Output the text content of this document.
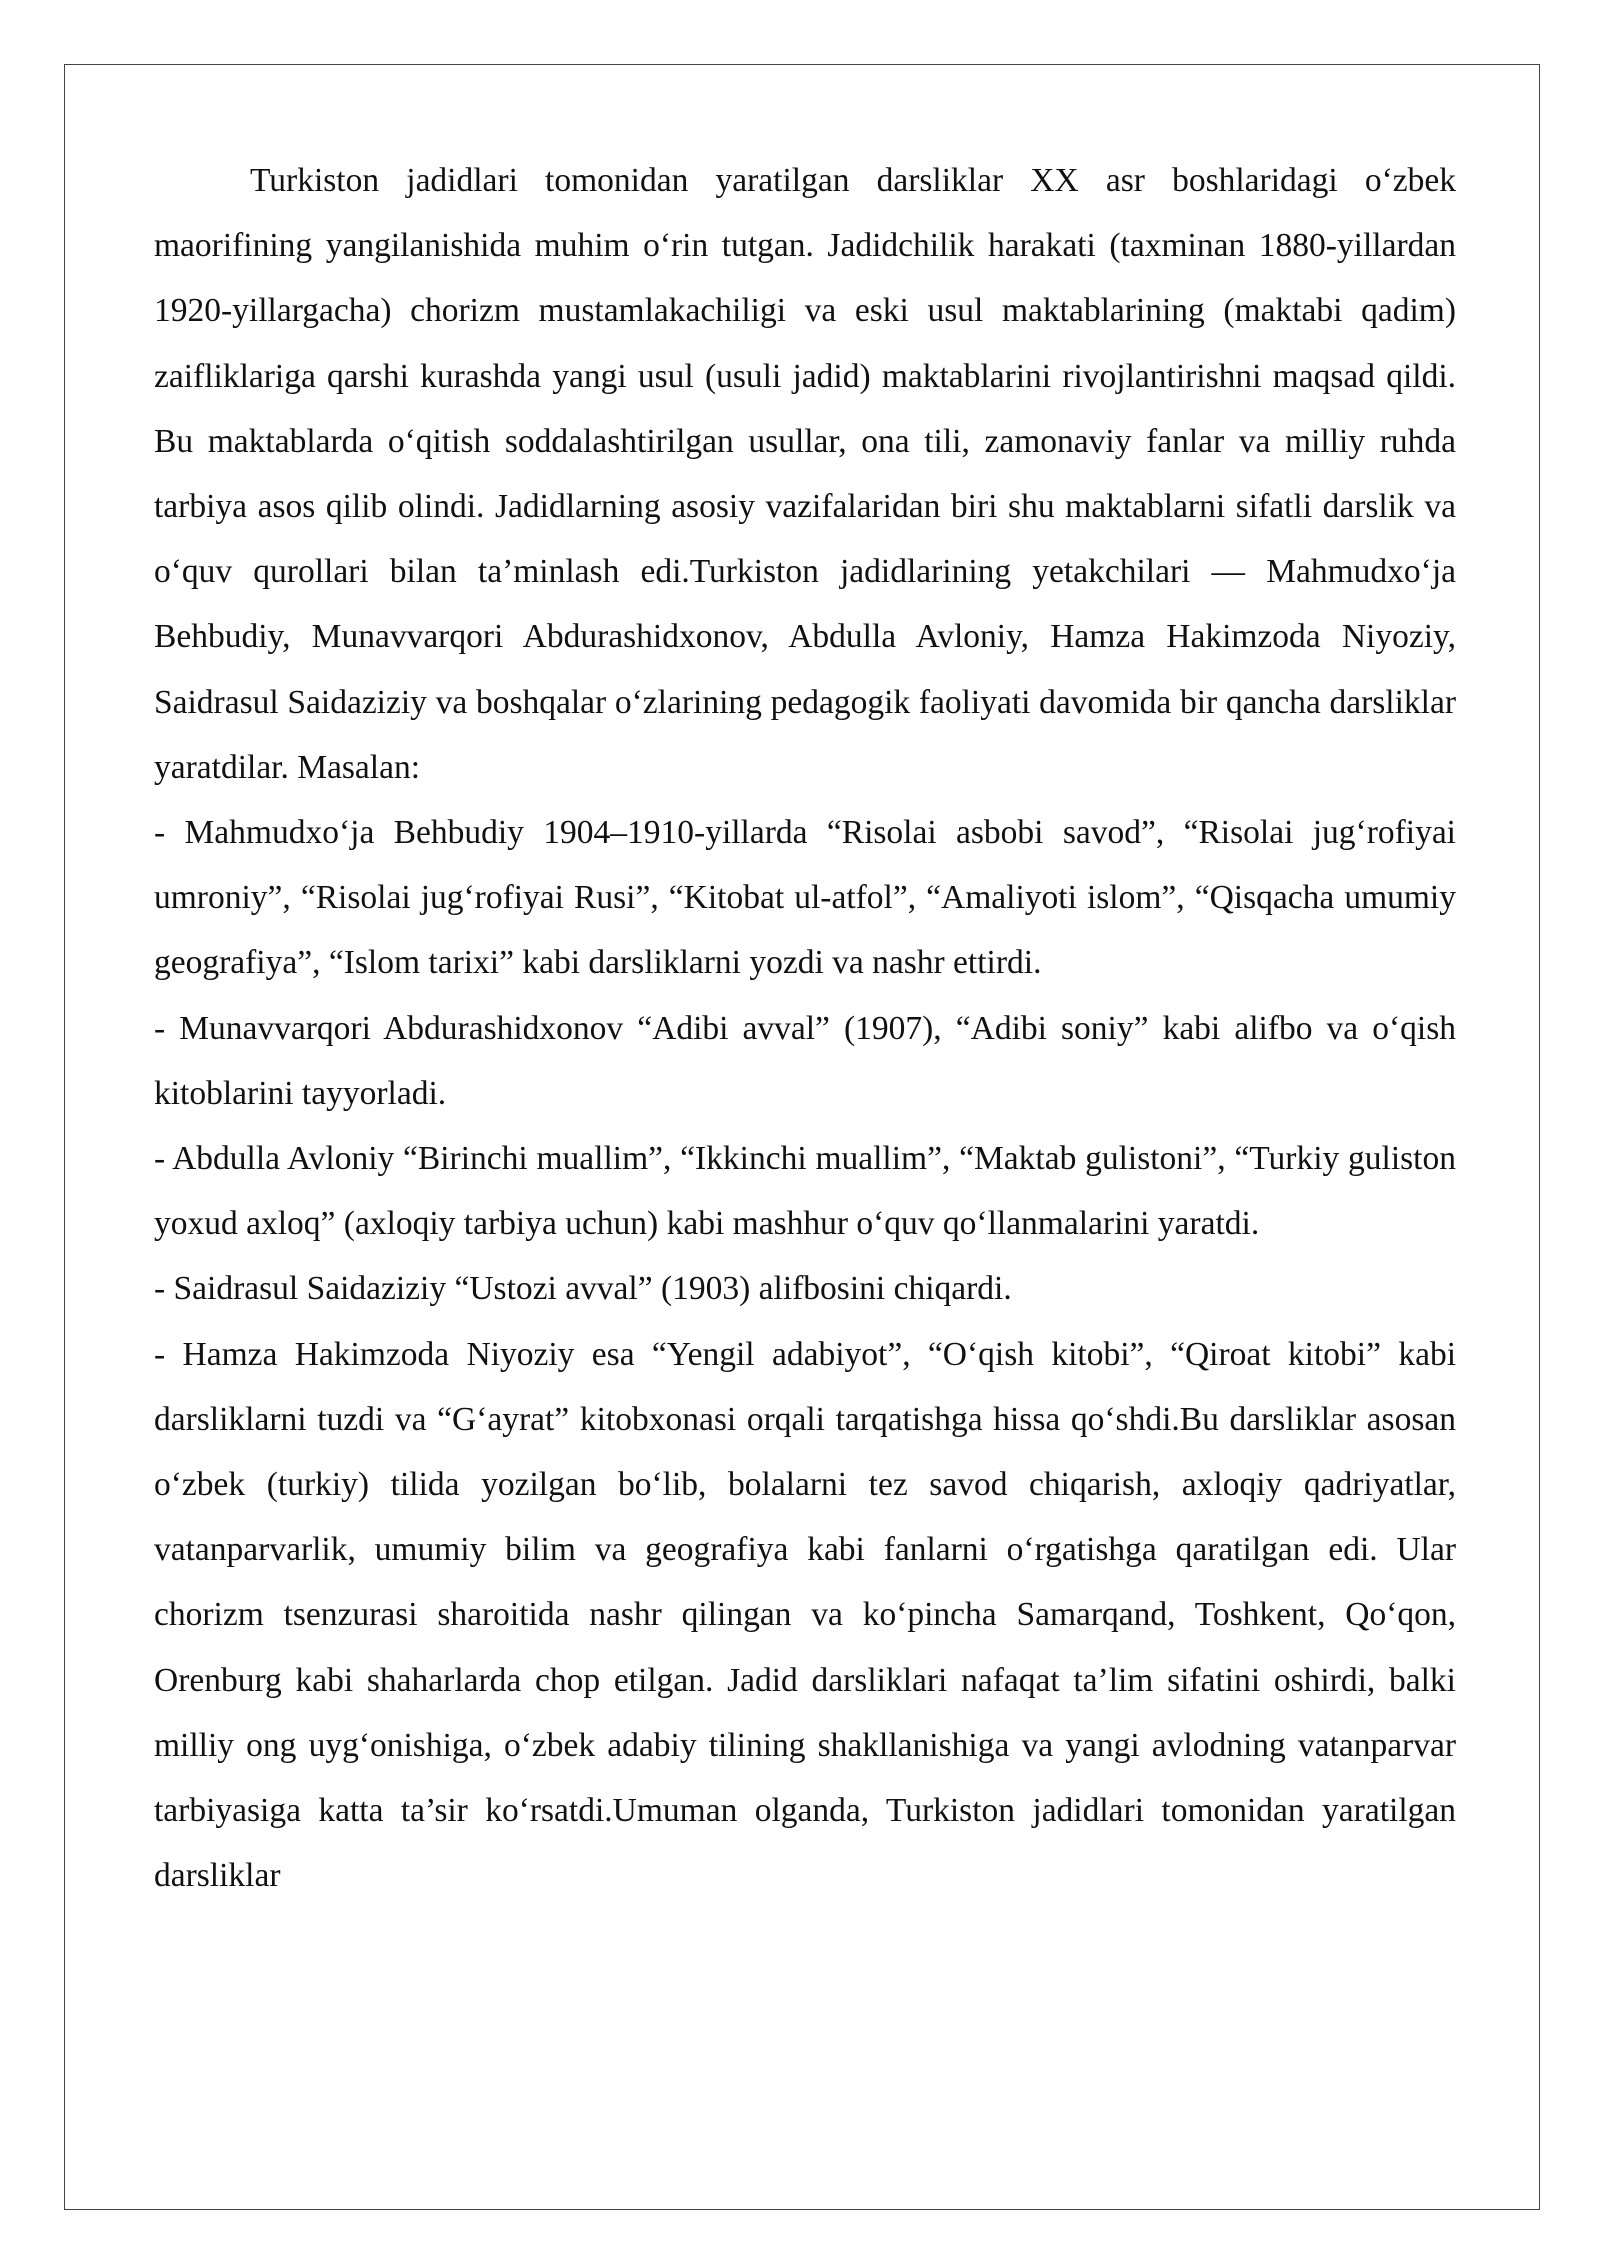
Turkiston jadidlari tomonidan yaratilgan darsliklar XX asr boshlaridagi o‘zbek maorifining yangilanishida muhim o‘rin tutgan. Jadidchilik harakati (taxminan 1880-yillardan 1920-yillargacha) chorizm mustamlakachiligi va eski usul maktablarining (maktabi qadim) zaifliklariga qarshi kurashda yangi usul (usuli jadid) maktablarini rivojlantirishni maqsad qildi. Bu maktablarda o‘qitish soddalashtirilgan usullar, ona tili, zamonaviy fanlar va milliy ruhda tarbiya asos qilib olindi. Jadidlarning asosiy vazifalaridan biri shu maktablarni sifatli darslik va o‘quv qurollari bilan ta’minlash edi.Turkiston jadidlarining yetakchilari — Mahmudxo‘ja Behbudiy, Munavvarqori Abdurashidxonov, Abdulla Avloniy, Hamza Hakimzoda Niyoziy, Saidrasul Saidaziziy va boshqalar o‘zlarining pedagogik faoliyati davomida bir qancha darsliklar yaratdilar. Masalan:

- Mahmudxo‘ja Behbudiy 1904–1910-yillarda “Risolai asbobi savod”, “Risolai jug‘rofiyai umroniy”, “Risolai jug‘rofiyai Rusi”, “Kitobat ul-atfol”, “Amaliyoti islom”, “Qisqacha umumiy geografiya”, “Islom tarixi” kabi darsliklarni yozdi va nashr ettirdi.

- Munavvarqori Abdurashidxonov “Adibi avval” (1907), “Adibi soniy” kabi alifbo va o‘qish kitoblarini tayyorladi.

- Abdulla Avloniy “Birinchi muallim”, “Ikkinchi muallim”, “Maktab gulistoni”, “Turkiy guliston yoxud axloq” (axloqiy tarbiya uchun) kabi mashhur o‘quv qo‘llanmalarini yaratdi.

- Saidrasul Saidaziziy “Ustozi avval” (1903) alifbosini chiqardi.

- Hamza Hakimzoda Niyoziy esa “Yengil adabiyot”, “O‘qish kitobi”, “Qiroat kitobi” kabi darsliklarni tuzdi va “G‘ayrat” kitobxonasi orqali tarqatishga hissa qo‘shdi.Bu darsliklar asosan o‘zbek (turkiy) tilida yozilgan bo‘lib, bolalarni tez savod chiqarish, axloqiy qadriyatlar, vatanparvarlik, umumiy bilim va geografiya kabi fanlarni o‘rgatishga qaratilgan edi. Ular chorizm tsenzurasi sharoitida nashr qilingan va ko‘pincha Samarqand, Toshkent, Qo‘qon, Orenburg kabi shaharlarda chop etilgan. Jadid darsliklari nafaqat ta’lim sifatini oshirdi, balki milliy ong uyg‘onishiga, o‘zbek adabiy tilining shakllanishiga va yangi avlodning vatanparvar tarbiyasiga katta ta’sir ko‘rsatdi.Umuman olganda, Turkiston jadidlari tomonidan yaratilgan darsliklar
